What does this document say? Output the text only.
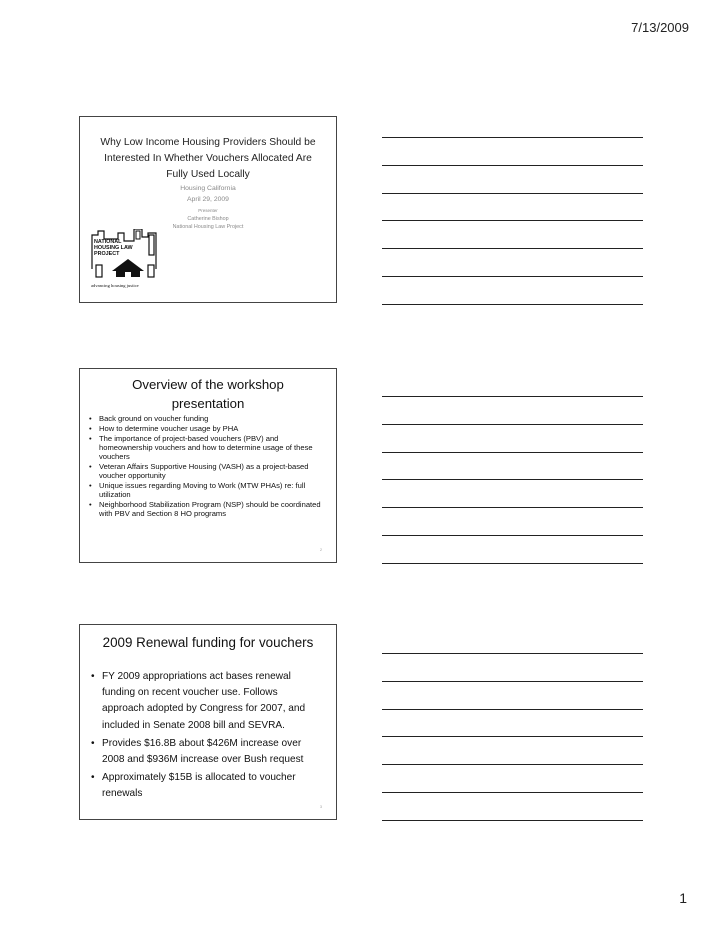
7/13/2009
Why Low Income Housing Providers Should be Interested In Whether Vouchers Allocated Are Fully Used Locally
Housing California
April 29, 2009
Presenter
Catherine Bishop
National Housing Law Project
NATIONAL
HOUSING LAW
PROJECT
advancing housing justice
Overview of the workshop presentation
• Back ground on voucher funding
• How to determine voucher usage by PHA
• The importance of project-based vouchers (PBV) and homeownership vouchers and how to determine usage of these vouchers
• Veteran Affairs Supportive Housing (VASH) as a project-based voucher opportunity
• Unique issues regarding Moving to Work (MTW PHAs) re: full utilization
• Neighborhood Stabilization Program (NSP) should be coordinated with PBV and Section 8 HO programs
2
2009 Renewal funding for vouchers
• FY 2009 appropriations act bases renewal funding on recent voucher use. Follows approach adopted by Congress for 2007, and included in Senate 2008 bill and SEVRA.
• Provides $16.8B about $426M increase over 2008 and $936M increase over Bush request
• Approximately $15B is allocated to voucher renewals
3
1
